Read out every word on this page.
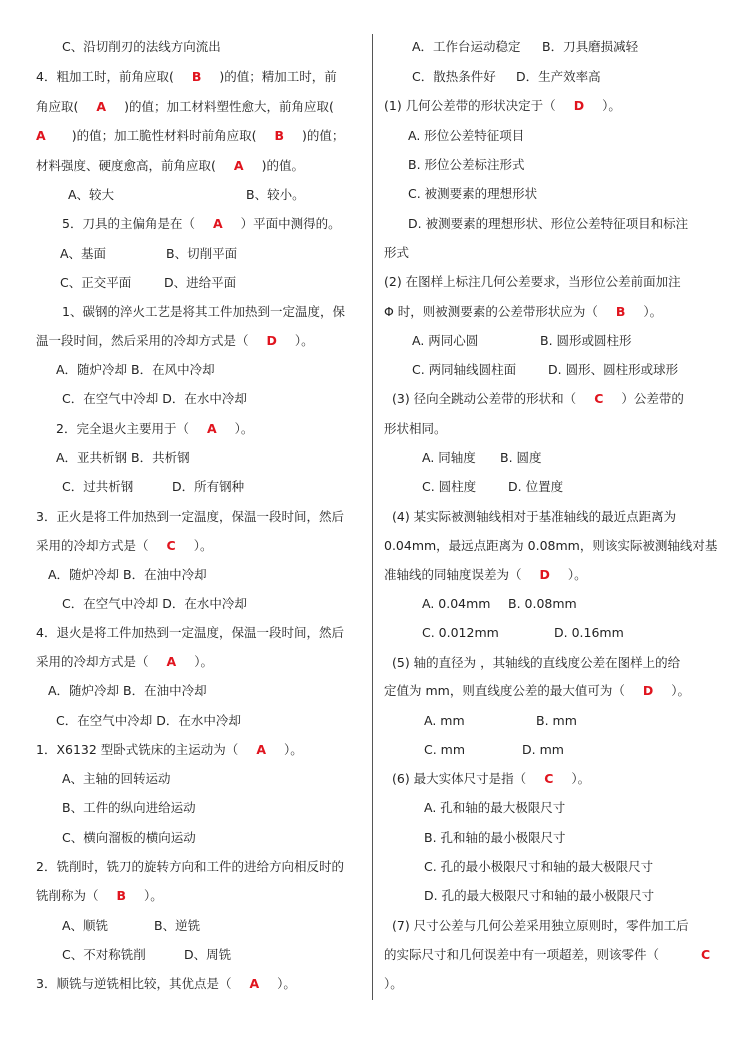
C、沿切削刃的法线方向流出
4．粗加工时，前角应取( B )的值；精加工时，前
角应取( A )的值；加工材料塑性愈大，前角应取(
A )的值；加工脆性材料时前角应取( B )的值；
材料强度、硬度愈高，前角应取( A )的值。
A、较大	B、较小。
5．刀具的主偏角是在（ A ）平面中测得的。
A、基面	B、切削平面
C、正交平面	D、进给平面
1、碳钢的淬火工艺是将其工件加热到一定温度，保
温一段时间，然后采用的冷却方式是（ D ）。
A．随炉冷却 B．在风中冷却
C．在空气中冷却 D．在水中冷却
2．完全退火主要用于（ A ）。
A．亚共析钢 B．共析钢
C．过共析钢	D．所有钢种
3．正火是将工件加热到一定温度，保温一段时间，然后
采用的冷却方式是（ C ）。
A．随炉冷却 B．在油中冷却
C．在空气中冷却 D．在水中冷却
4．退火是将工件加热到一定温度，保温一段时间，然后
采用的冷却方式是（ A ）。
A．随炉冷却 B．在油中冷却
C．在空气中冷却 D．在水中冷却
1．X6132 型卧式铣床的主运动为（ A ）。
A、主轴的回转运动
B、工件的纵向进给运动
C、横向溜板的横向运动
2．铣削时，铣刀的旋转方向和工件的进给方向相反时的
铣削称为（ B ）。
A、顺铣	B、逆铣
C、不对称铣削	D、周铣
3．顺铣与逆铣相比较，其优点是（ A ）。
A．工作台运动稳定 B．刀具磨损减轻
C．散热条件好 D．生产效率高
(1) 几何公差带的形状决定于（ D ）。
A. 形位公差特征项目
B. 形位公差标注形式
C. 被测要素的理想形状
D. 被测要素的理想形状、形位公差特征项目和标注
形式
(2) 在图样上标注几何公差要求，当形位公差前面加注
Φ 时，则被测要素的公差带形状应为（ B ）。
A. 两同心圆	B. 圆形或圆柱形
C. 两同轴线圆柱面	D. 圆形、圆柱形或球形
(3) 径向全跳动公差带的形状和（ C ）公差带的
形状相同。
A. 同轴度 B. 圆度
C. 圆柱度	D. 位置度
(4) 某实际被测轴线相对于基准轴线的最近点距离为
0.04mm，最远点距离为 0.08mm，则该实际被测轴线对基
准轴线的同轴度误差为（ D ）。
A. 0.04mm B. 0.08mm
C. 0.012mm	D. 0.16mm
(5) 轴的直径为 ，其轴线的直线度公差在图样上的给
定值为 mm，则直线度公差的最大值可为（ D ）。
A. mm	B. mm
C. mm	D. mm
(6) 最大实体尺寸是指（ C ）。
A. 孔和轴的最大极限尺寸
B. 孔和轴的最小极限尺寸
C. 孔的最小极限尺寸和轴的最大极限尺寸
D. 孔的最大极限尺寸和轴的最小极限尺寸
(7) 尺寸公差与几何公差采用独立原则时，零件加工后
的实际尺寸和几何误差中有一项超差，则该零件（	C
）。
